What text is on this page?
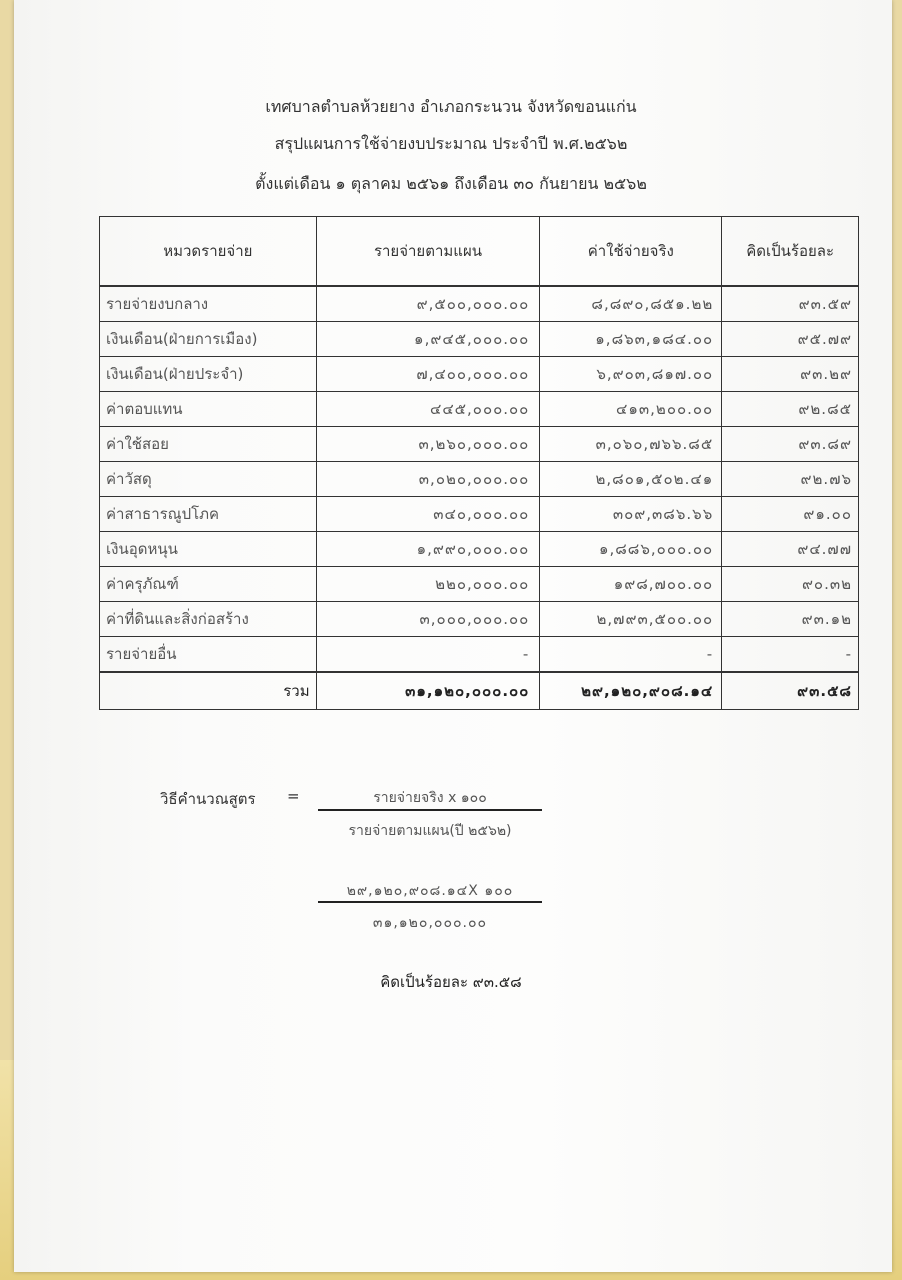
เทศบาลตำบลห้วยยาง อำเภอกระนวน จังหวัดขอนแก่น
สรุปแผนการใช้จ่ายงบประมาณ ประจำปี พ.ศ.๒๕๖๒
ตั้งแต่เดือน ๑ ตุลาคม ๒๕๖๑ ถึงเดือน ๓๐ กันยายน ๒๕๖๒
หมวดรายจ่าย	รายจ่ายตามแผน	ค่าใช้จ่ายจริง	คิดเป็นร้อยละ
รายจ่ายงบกลาง	๙,๕๐๐,๐๐๐.๐๐	๘,๘๙๐,๘๕๑.๒๒	๙๓.๕๙
เงินเดือน(ฝ่ายการเมือง)	๑,๙๔๕,๐๐๐.๐๐	๑,๘๖๓,๑๘๔.๐๐	๙๕.๗๙
เงินเดือน(ฝ่ายประจำ)	๗,๔๐๐,๐๐๐.๐๐	๖,๙๐๓,๘๑๗.๐๐	๙๓.๒๙
ค่าตอบแทน	๔๔๕,๐๐๐.๐๐	๔๑๓,๒๐๐.๐๐	๙๒.๘๕
ค่าใช้สอย	๓,๒๖๐,๐๐๐.๐๐	๓,๐๖๐,๗๖๖.๘๕	๙๓.๘๙
ค่าวัสดุ	๓,๐๒๐,๐๐๐.๐๐	๒,๘๐๑,๕๐๒.๔๑	๙๒.๗๖
ค่าสาธารณูปโภค	๓๔๐,๐๐๐.๐๐	๓๐๙,๓๘๖.๖๖	๙๑.๐๐
เงินอุดหนุน	๑,๙๙๐,๐๐๐.๐๐	๑,๘๘๖,๐๐๐.๐๐	๙๔.๗๗
ค่าครุภัณฑ์	๒๒๐,๐๐๐.๐๐	๑๙๘,๗๐๐.๐๐	๙๐.๓๒
ค่าที่ดินและสิ่งก่อสร้าง	๓,๐๐๐,๐๐๐.๐๐	๒,๗๙๓,๕๐๐.๐๐	๙๓.๑๒
รายจ่ายอื่น	-	-	-
รวม	๓๑,๑๒๐,๐๐๐.๐๐	๒๙,๑๒๐,๙๐๘.๑๔	๙๓.๕๘
วิธีคำนวณสูตร =	รายจ่ายจริง x ๑๐๐
รายจ่ายตามแผน(ปี ๒๕๖๒)
๒๙,๑๒๐,๙๐๘.๑๔X ๑๐๐
๓๑,๑๒๐,๐๐๐.๐๐
คิดเป็นร้อยละ ๙๓.๕๘
